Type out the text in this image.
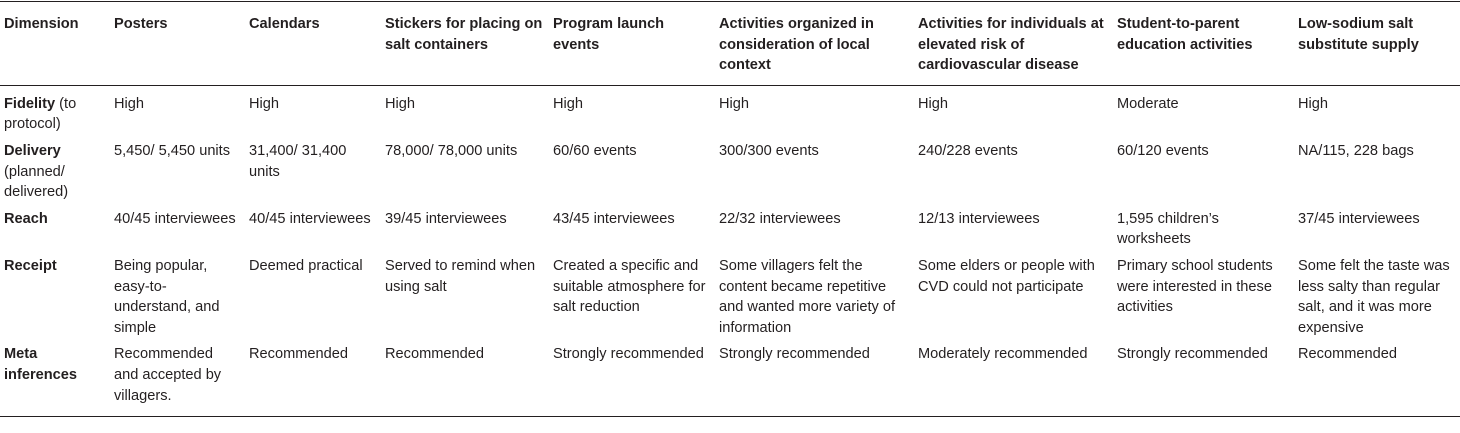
Dimension	Posters	Calendars	Stickers for placing on salt containers	Program launch events	Activities organized in consideration of local context	Activities for individuals at elevated risk of cardiovascular disease	Student-to-parent education activities	Low-sodium salt substitute supply
Fidelity (to protocol)	High	High	High	High	High	High	Moderate	High
Delivery (planned/ delivered)	5,450/ 5,450 units	31,400/ 31,400 units	78,000/ 78,000 units	60/60 events	300/300 events	240/228 events	60/120 events	NA/115, 228 bags
Reach	40/45 interviewees	40/45 interviewees	39/45 interviewees	43/45 interviewees	22/32 interviewees	12/13 interviewees	1,595 children’s worksheets	37/45 interviewees
Receipt	Being popular, easy-to-understand, and simple	Deemed practical	Served to remind when using salt	Created a specific and suitable atmosphere for salt reduction	Some villagers felt the content became repetitive and wanted more variety of information	Some elders or people with CVD could not participate	Primary school students were interested in these activities	Some felt the taste was less salty than regular salt, and it was more expensive
Meta inferences	Recommended and accepted by villagers.	Recommended	Recommended	Strongly recommended	Strongly recommended	Moderately recommended	Strongly recommended	Recommended
